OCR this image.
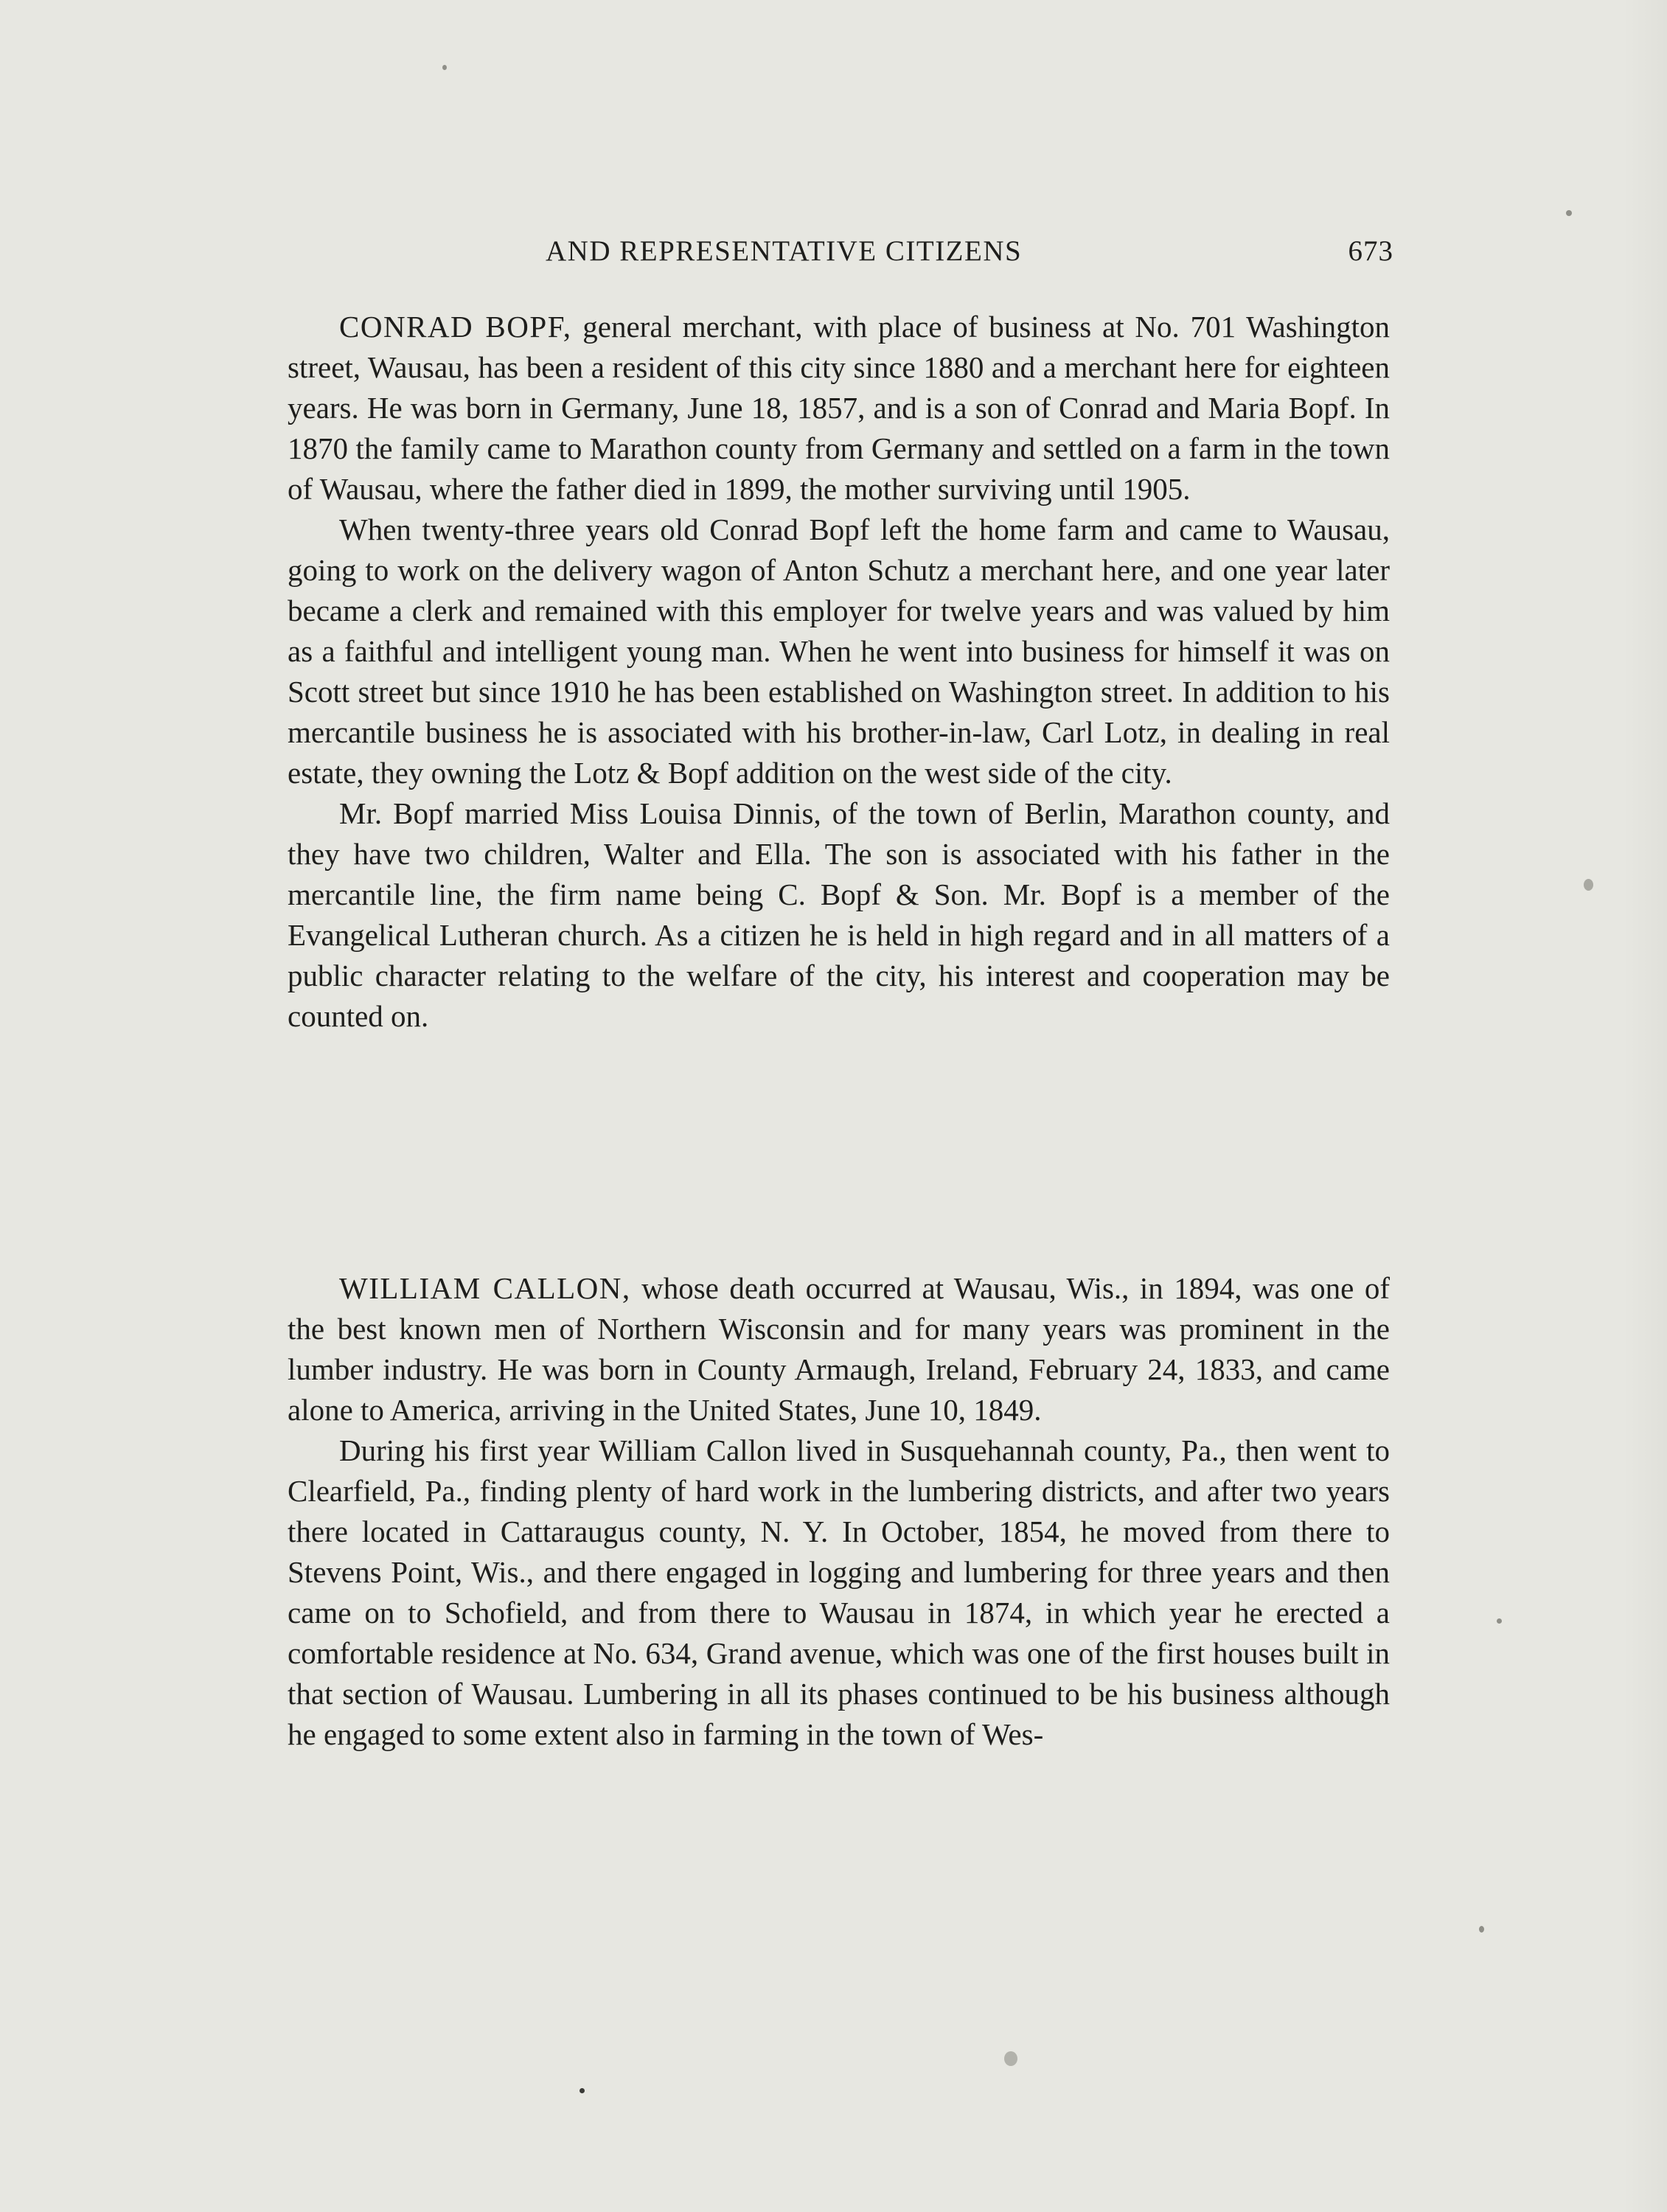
AND REPRESENTATIVE CITIZENS	673

CONRAD BOPF, general merchant, with place of business at No. 701 Washington street, Wausau, has been a resident of this city since 1880 and a merchant here for eighteen years. He was born in Germany, June 18, 1857, and is a son of Conrad and Maria Bopf. In 1870 the family came to Marathon county from Germany and settled on a farm in the town of Wausau, where the father died in 1899, the mother surviving until 1905.

When twenty-three years old Conrad Bopf left the home farm and came to Wausau, going to work on the delivery wagon of Anton Schutz a merchant here, and one year later became a clerk and remained with this employer for twelve years and was valued by him as a faithful and intelligent young man. When he went into business for himself it was on Scott street but since 1910 he has been established on Washington street. In addition to his mercantile business he is associated with his brother-in-law, Carl Lotz, in dealing in real estate, they owning the Lotz & Bopf addition on the west side of the city.

Mr. Bopf married Miss Louisa Dinnis, of the town of Berlin, Marathon county, and they have two children, Walter and Ella. The son is associated with his father in the mercantile line, the firm name being C. Bopf & Son. Mr. Bopf is a member of the Evangelical Lutheran church. As a citizen he is held in high regard and in all matters of a public character relating to the welfare of the city, his interest and cooperation may be counted on.

WILLIAM CALLON, whose death occurred at Wausau, Wis., in 1894, was one of the best known men of Northern Wisconsin and for many years was prominent in the lumber industry. He was born in County Armaugh, Ireland, February 24, 1833, and came alone to America, arriving in the United States, June 10, 1849.

During his first year William Callon lived in Susquehannah county, Pa., then went to Clearfield, Pa., finding plenty of hard work in the lumbering districts, and after two years there located in Cattaraugus county, N. Y. In October, 1854, he moved from there to Stevens Point, Wis., and there engaged in logging and lumbering for three years and then came on to Schofield, and from there to Wausau in 1874, in which year he erected a comfortable residence at No. 634, Grand avenue, which was one of the first houses built in that section of Wausau. Lumbering in all its phases continued to be his business although he engaged to some extent also in farming in the town of Wes-
